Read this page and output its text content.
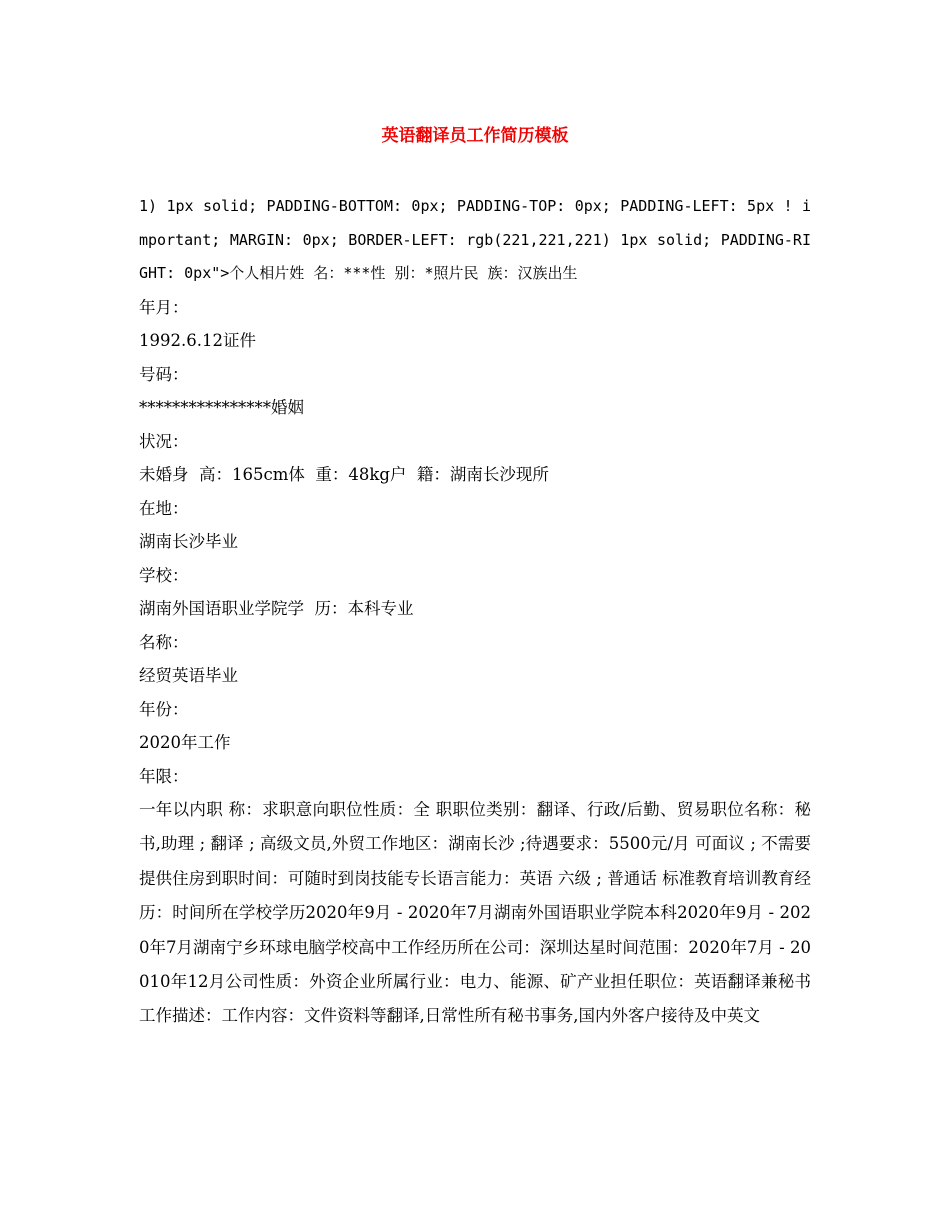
英语翻译员工作简历模板

1) 1px solid; PADDING-BOTTOM: 0px; PADDING-TOP: 0px; PADDING-LEFT: 5px ! important; MARGIN: 0px; BORDER-LEFT: rgb(221,221,221) 1px solid; PADDING-RIGHT: 0px">个人相片姓 名：***性 别：*照片民 族：汉族出生

年月：

1992.6.12证件

号码：

****************婚姻

状况：

未婚身  高：165cm体  重：48kg户  籍：湖南长沙现所

在地：

湖南长沙毕业

学校：

湖南外国语职业学院学  历：本科专业

名称：

经贸英语毕业

年份：

2020年工作

年限：

一年以内职 称：求职意向职位性质：全 职职位类别：翻译、行政/后勤、贸易职位名称：秘书,助理 ; 翻译 ; 高级文员,外贸工作地区：湖南长沙 ;待遇要求：5500元/月 可面议 ; 不需要提供住房到职时间：可随时到岗技能专长语言能力：英语 六级 ; 普通话 标准教育培训教育经历：时间所在学校学历2020年9月 - 2020年7月湖南外国语职业学院本科2020年9月 - 2020年7月湖南宁乡环球电脑学校高中工作经历所在公司：深圳达星时间范围：2020年7月 - 20010年12月公司性质：外资企业所属行业：电力、能源、矿产业担任职位：英语翻译兼秘书工作描述：工作内容：文件资料等翻译,日常性所有秘书事务,国内外客户接待及中英文
